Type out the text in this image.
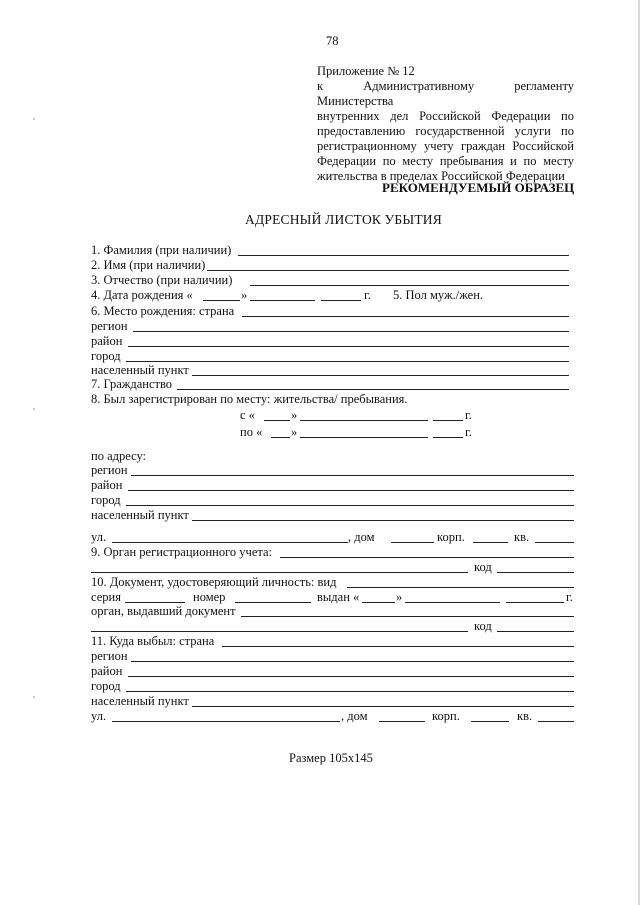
78
Приложение № 12
к Административному регламенту Министерства
внутренних дел Российской Федерации по
предоставлению государственной услуги по
регистрационному учету граждан Российской
Федерации по месту пребывания и по месту
жительства в пределах Российской Федерации
РЕКОМЕНДУЕМЫЙ ОБРАЗЕЦ
АДРЕСНЫЙ ЛИСТОК УБЫТИЯ
1. Фамилия (при наличии)
2. Имя (при наличии)
3. Отчество (при наличии)
4. Дата рождения «	»	г. 5. Пол муж./жен.
6. Место рождения: страна
регион
район
город
населенный пункт
7. Гражданство
8. Был зарегистрирован по месту: жительства/ пребывания.
с «	»	г.
по « »	г.
по адресу:
регион
район
город
населенный пункт
ул.	, дом	корп.	кв.
9. Орган регистрационного учета:
код
10. Документ, удостоверяющий личность: вид
серия	номер	выдан «	»	г.
орган, выдавший документ
код
11. Куда выбыл: страна
регион
район
город
населенный пункт
ул.	, дом	корп.	кв.
Размер 105x145
